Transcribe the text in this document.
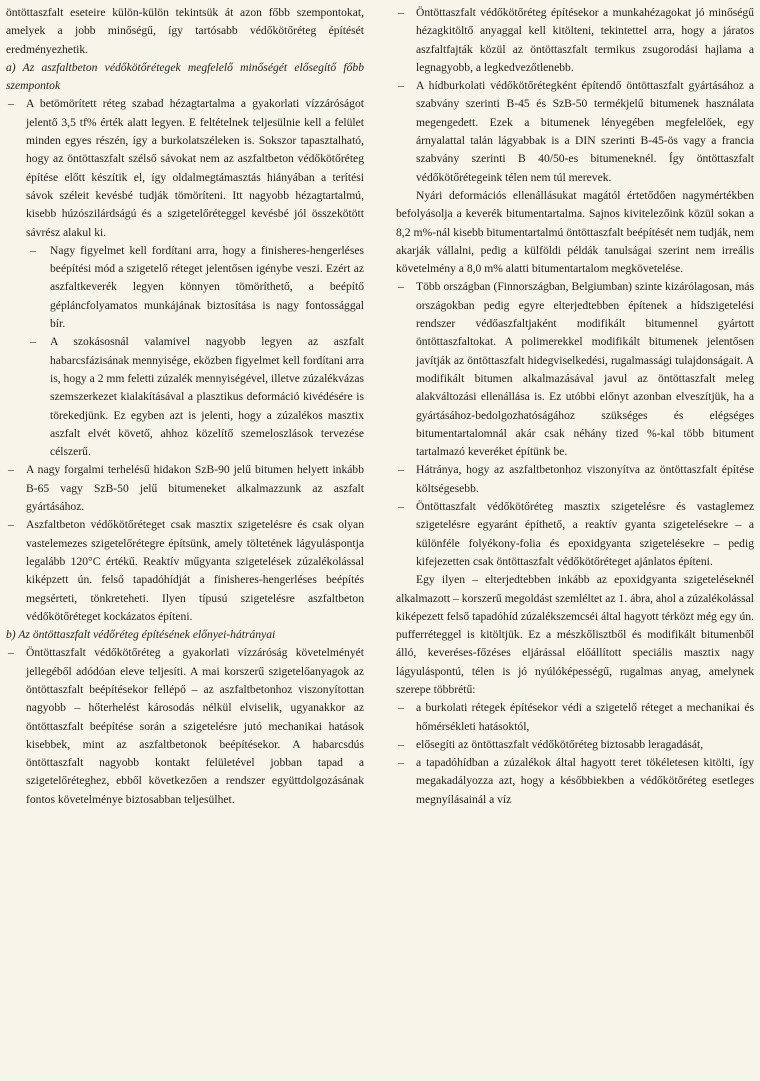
öntöttaszfalt eseteire külön-külön tekintsük át azon főbb szempontokat, amelyek a jobb minőségű, így tartósabb védőkötőréteg építését eredményezhetik.

a) Az aszfaltbeton védőkötőrétegek megfelelő minőségét elősegítő főbb szempontok

– A betömörített réteg szabad hézagtartalma a gyakorlati vízzáróságot jelentő 3,5 tf% érték alatt legyen. E feltételnek teljesülnie kell a felület minden egyes részén, így a burkolatszéleken is. Sokszor tapasztalható, hogy az öntöttaszfalt szélső sávokat nem az aszfaltbeton védőkötőréteg építése előtt készítik el, így oldalmegtámasztás hiányában a terítési sávok széleit kevésbé tudják tömöríteni. Itt nagyobb hézagtartalmú, kisebb húzószilárdságú és a szigetelőréteggel kevésbé jól összekötött sávrész alakul ki.
– Nagy figyelmet kell fordítani arra, hogy a finisheres-hengerléses beépítési mód a szigetelő réteget jelentősen igénybe veszi. Ezért az aszfaltkeverék legyen könnyen tömöríthető, a beépítő gépláncfolyamatos munkájának biztosítása is nagy fontossággal bír.
– A szokásosnál valamivel nagyobb legyen az aszfalt habarcsfázisának mennyisége, eközben figyelmet kell fordítani arra is, hogy a 2 mm feletti zúzalék mennyiségével, illetve zúzalékvázas szemszerkezet kialakításával a plasztikus deformáció kivédésére is törekedjünk. Ez egyben azt is jelenti, hogy a zúzalékos masztix aszfalt elvét követő, ahhoz közelítő szemeloszlások tervezése célszerű.
– A nagy forgalmi terhelésű hidakon SzB-90 jelű bitumen helyett inkább B-65 vagy SzB-50 jelű bitumeneket alkalmazzunk az aszfalt gyártásához.
– Aszfaltbeton védőkötőréteget csak masztix szigetelésre és csak olyan vastelemezes szigetelőrétegre építsünk, amely töltetének lágyuláspontja legalább 120°C értékű. Reaktív műgyanta szigetelések zúzalékolással kiképzett ún. felső tapadóhídját a finisheres-hengerléses beépítés megsérteti, tönkreteheti. Ilyen típusú szigetelésre aszfaltbeton védőkötőréteget kockázatos építeni.

b) Az öntöttaszfalt védőréteg építésének előnyei-hátrányai

– Öntöttaszfalt védőkötőréteg a gyakorlati vízzáróság követelményét jellegéből adódóan eleve teljesíti. A mai korszerű szigetelőanyagok az öntöttaszfalt beépítésekor fellépő – az aszfaltbetonhoz viszonyítottan nagyobb – hőterhelést károsodás nélkül elviselik, ugyanakkor az öntöttaszfalt beépítése során a szigetelésre jutó mechanikai hatások kisebbek, mint az aszfaltbetonok beépítésekor. A habarcsdús öntöttaszfalt nagyobb kontakt felületével jobban tapad a szigetelőréteghez, ebből következően a rendszer együttdolgozásának fontos követelménye biztosabban teljesülhet.
– Öntöttaszfalt védőkötőréteg építésekor a munkahézagokat jó minőségű hézagkitöltő anyaggal kell kitölteni, tekintettel arra, hogy a járatos aszfaltfajták közül az öntöttaszfalt termikus zsugorodási hajlama a legnagyobb, a legkedvezőtlenebb.
– A hídburkolati védőkötőrétegként építendő öntöttaszfalt gyártásához a szabvány szerinti B-45 és SzB-50 termékjelű bitumenek használata megengedett. Ezek a bitumenek lényegében megfelelőek, egy árnyalattal talán lágyabbak is a DIN szerinti B-45-ös vagy a francia szabvány szerinti B 40/50-es bitumeneknél. Így öntöttaszfalt védőkötőrétegeink télen nem túl merevek.

Nyári deformációs ellenállásukat magától értetődően nagymértékben befolyásolja a keverék bitumentartalma. Sajnos kivitelezőink közül sokan a 8,2 m%-nál kisebb bitumentartalmú öntöttaszfalt beépítését nem tudják, nem akarják vállalni, pedig a külföldi példák tanulságai szerint nem irreális követelmény a 8,0 m% alatti bitumentartalom megkövetelése.

– Több országban (Finnországban, Belgiumban) szinte kizárólagosan, más országokban pedig egyre elterjedtebben építenek a hídszigetelési rendszer védőaszfaltjaként modifikált bitumennel gyártott öntöttaszfaltokat. A polimerekkel modifikált bitumenek jelentősen javítják az öntöttaszfalt hidegviselkedési, rugalmassági tulajdonságait. A modifikált bitumen alkalmazásával javul az öntöttaszfalt meleg alakváltozási ellenállása is. Ez utóbbi előnyt azonban elveszítjük, ha a gyártásához-bedolgozhatóságához szükséges és elégséges bitumentartalomnál akár csak néhány tized %-kal több bitument tartalmazó keveréket építünk be.
– Hátránya, hogy az aszfaltbetonhoz viszonyítva az öntöttaszfalt építése költségesebb.
– Öntöttaszfalt védőkötőréteg masztix szigetelésre és vastaglemez szigetelésre egyaránt építhető, a reaktív gyanta szigetelésekre – a különféle folyékony-folia és epoxidgyanta szigetelésekre – pedig kifejezetten csak öntöttaszfalt védőkötőréteget ajánlatos építeni.

Egy ilyen – elterjedtebben inkább az epoxidgyanta szigeteléseknél alkalmazott – korszerű megoldást szemléltet az 1. ábra, ahol a zúzalékolással kiképezett felső tapadóhíd zúzalékszemcséi által hagyott térközt még egy ún. pufferréteggel is kitöltjük. Ez a mészkőlisztből és modifikált bitumenből álló, keveréses-főzéses eljárással előállított speciális masztix nagy lágyuláspontú, télen is jó nyúlóképességű, rugalmas anyag, amelynek szerepe többrétű:

– a burkolati rétegek építésekor védi a szigetelő réteget a mechanikai és hőmérsékleti hatásoktól,
– elősegíti az öntöttaszfalt védőkötőréteg biztosabb leragadását,
– a tapadóhídban a zúzalékok által hagyott teret tökéletesen kitölti, így megakadályozza azt, hogy a későbbiekben a védőkötőréteg esetleges megnyílásainál a víz
